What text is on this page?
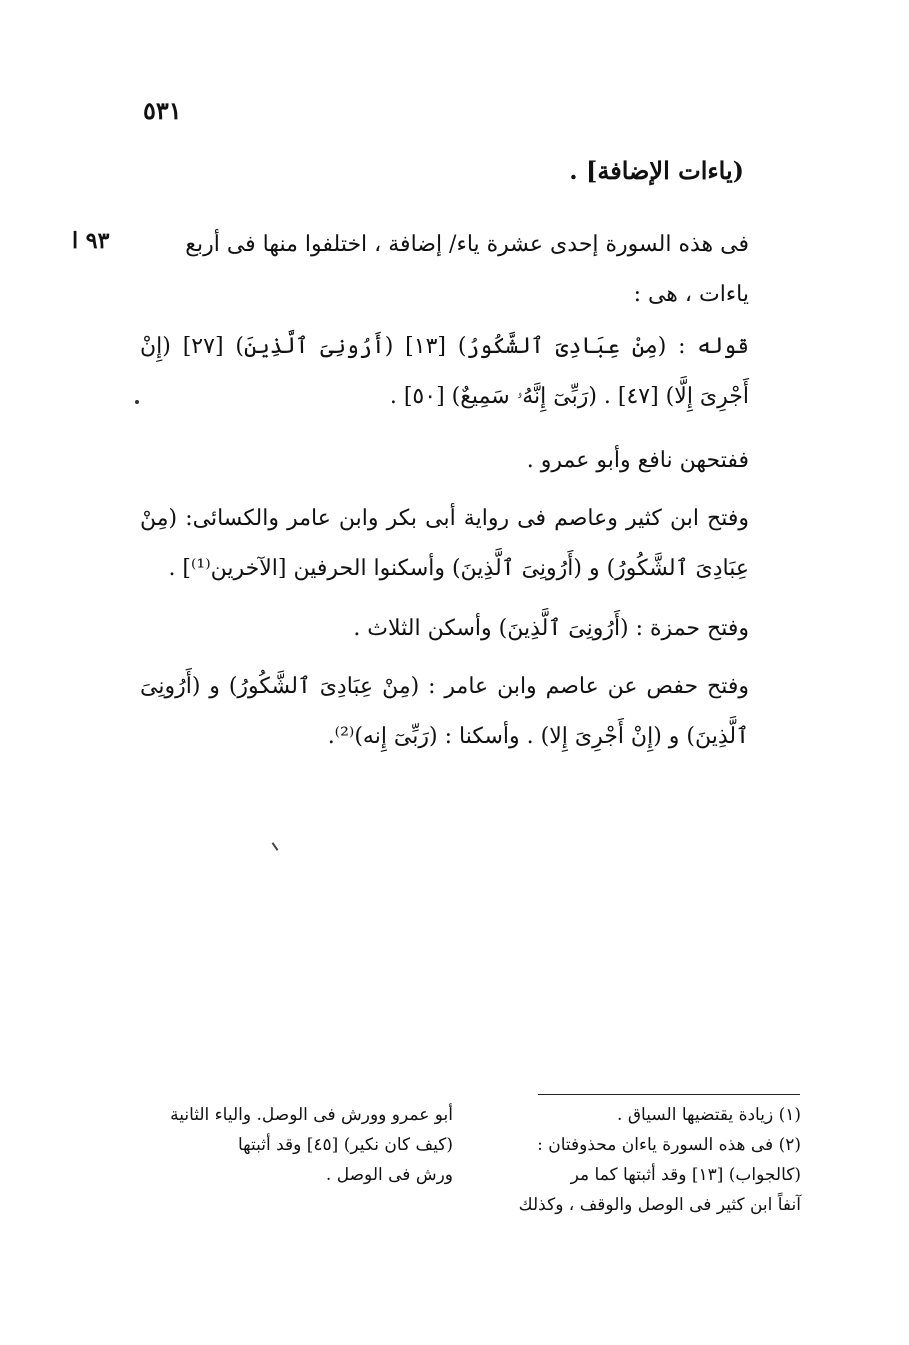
٥٣١
(ياءات الإضافة] .
٩٣ ا	فى هذه السورة إحدى عشرة ياء/ إضافة ، اختلفوا منها فى أربع
ياءات ، هى :

قوله : (مِنْ عِبَادِىَ ٱلشَّكُورُ) [١٣] (أَرُونِىَ ٱلَّذِينَ) [٢٧] (إِنْ أَجْرِىَ إِلَّا) [٤٧] . (رَبِّىٓ إِنَّهُۥ سَمِيعٌ) [٥٠] .

ففتحهن نافع وأبو عمرو .

وفتح ابن كثير وعاصم فى رواية أبى بكر وابن عامر والكسائى: (مِنْ عِبَادِىَ ٱلشَّكُورُ) و (أَرُونِىَ ٱلَّذِينَ) وأسكنوا الحرفين [الآخرين⁽¹⁾] .

وفتح حمزة : (أَرُونِىَ ٱلَّذِينَ) وأسكن الثلاث .

وفتح حفص عن عاصم وابن عامر : (مِنْ عِبَادِىَ ٱلشَّكُورُ) و (أَرُونِىَ ٱلَّذِينَ) و (إِنْ أَجْرِىَ إِلا) . وأسكنا : (رَبِّىٓ إِنه)⁽²⁾.

(١) زيادة يقتضيها السياق .
(٢) فى هذه السورة ياءان محذوفتان :
(كالجواب) [١٣] وقد أثبتها كما مر
آنفاً ابن كثير فى الوصل والوقف ، وكذلك
أبو عمرو وورش فى الوصل. والياء الثانية
(كيف كان نكير) [٤٥] وقد أثبتها
ورش فى الوصل .
